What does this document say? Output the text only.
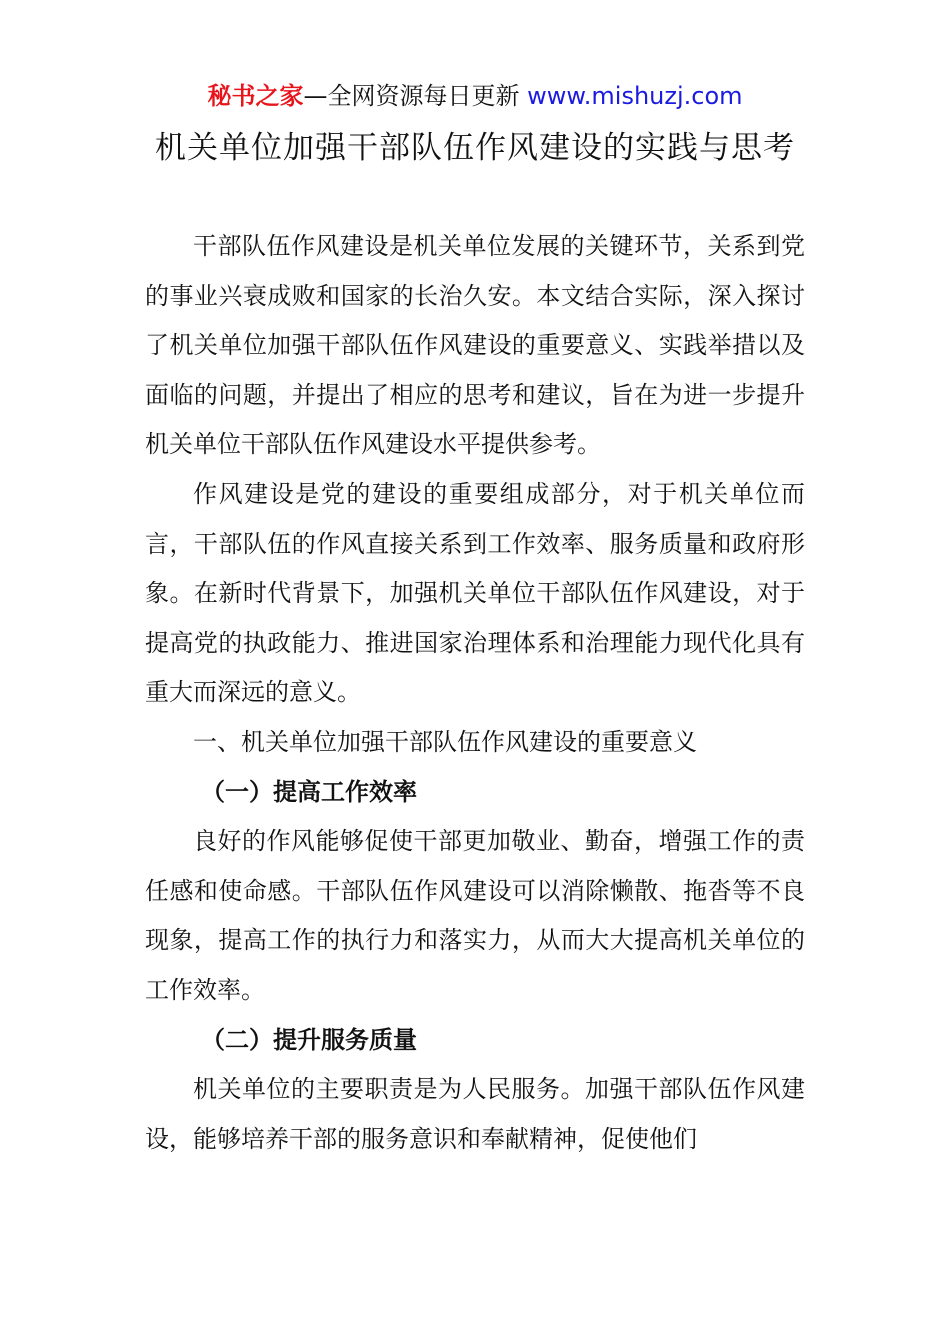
秘书之家—全网资源每日更新 www.mishuzj.com
机关单位加强干部队伍作风建设的实践与思考

干部队伍作风建设是机关单位发展的关键环节，关系到党的事业兴衰成败和国家的长治久安。本文结合实际，深入探讨了机关单位加强干部队伍作风建设的重要意义、实践举措以及面临的问题，并提出了相应的思考和建议，旨在为进一步提升机关单位干部队伍作风建设水平提供参考。

作风建设是党的建设的重要组成部分，对于机关单位而言，干部队伍的作风直接关系到工作效率、服务质量和政府形象。在新时代背景下，加强机关单位干部队伍作风建设，对于提高党的执政能力、推进国家治理体系和治理能力现代化具有重大而深远的意义。

一、机关单位加强干部队伍作风建设的重要意义
（一）提高工作效率

良好的作风能够促使干部更加敬业、勤奋，增强工作的责任感和使命感。干部队伍作风建设可以消除懒散、拖沓等不良现象，提高工作的执行力和落实力，从而大大提高机关单位的工作效率。

（二）提升服务质量

机关单位的主要职责是为人民服务。加强干部队伍作风建设，能够培养干部的服务意识和奉献精神，促使他们
